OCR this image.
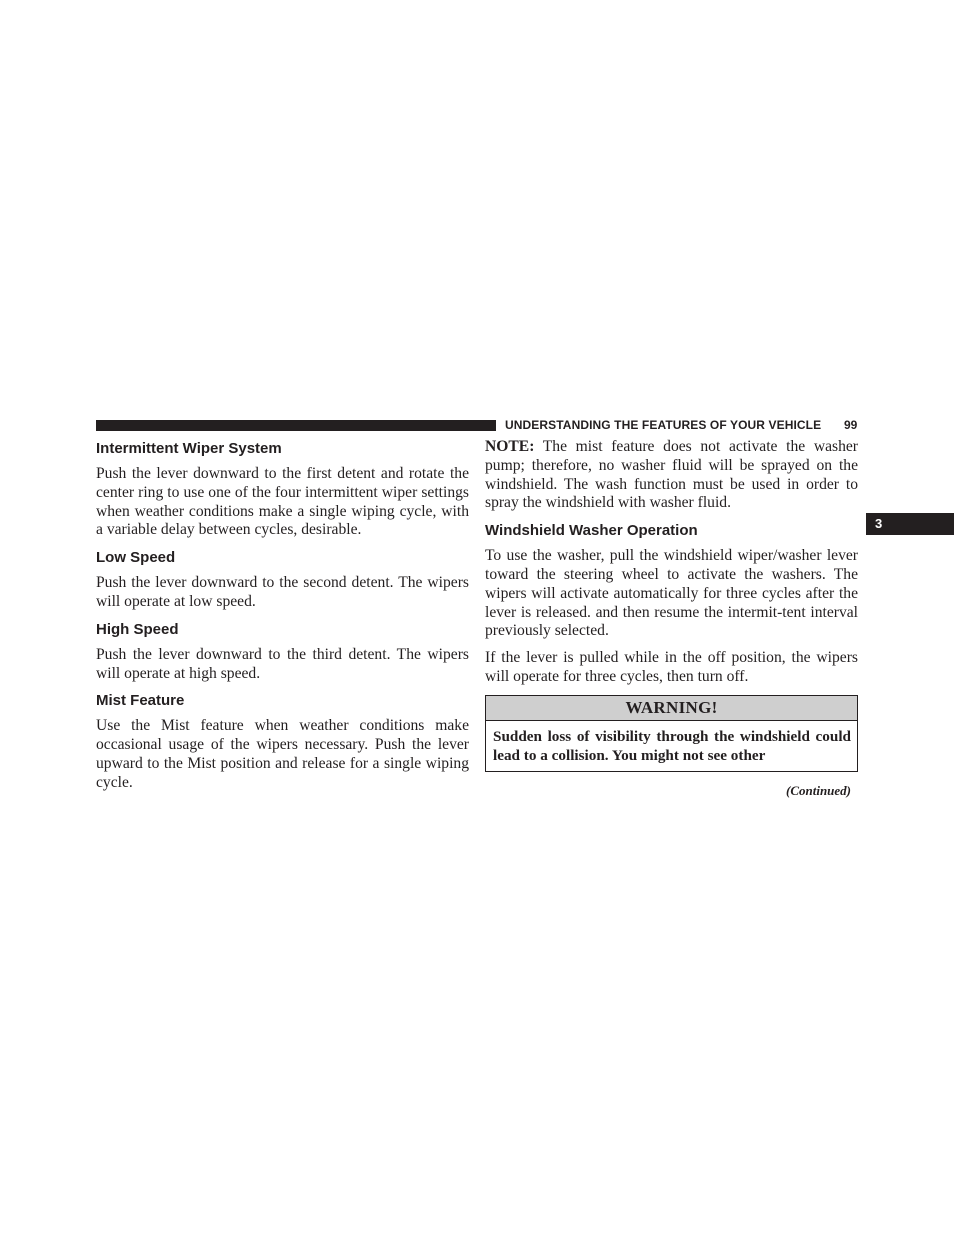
UNDERSTANDING THE FEATURES OF YOUR VEHICLE 99
3
Intermittent Wiper System

Push the lever downward to the first detent and rotate the center ring to use one of the four intermittent wiper settings when weather conditions make a single wiping cycle, with a variable delay between cycles, desirable.

Low Speed

Push the lever downward to the second detent. The wipers will operate at low speed.

High Speed

Push the lever downward to the third detent. The wipers will operate at high speed.

Mist Feature

Use the Mist feature when weather conditions make occasional usage of the wipers necessary. Push the lever upward to the Mist position and release for a single wiping cycle.

NOTE: The mist feature does not activate the washer pump; therefore, no washer fluid will be sprayed on the windshield. The wash function must be used in order to spray the windshield with washer fluid.

Windshield Washer Operation

To use the washer, pull the windshield wiper/washer lever toward the steering wheel to activate the washers. The wipers will activate automatically for three cycles after the lever is released. and then resume the intermit-tent interval previously selected.

If the lever is pulled while in the off position, the wipers will operate for three cycles, then turn off.

WARNING!
Sudden loss of visibility through the windshield could lead to a collision. You might not see other
(Continued)
